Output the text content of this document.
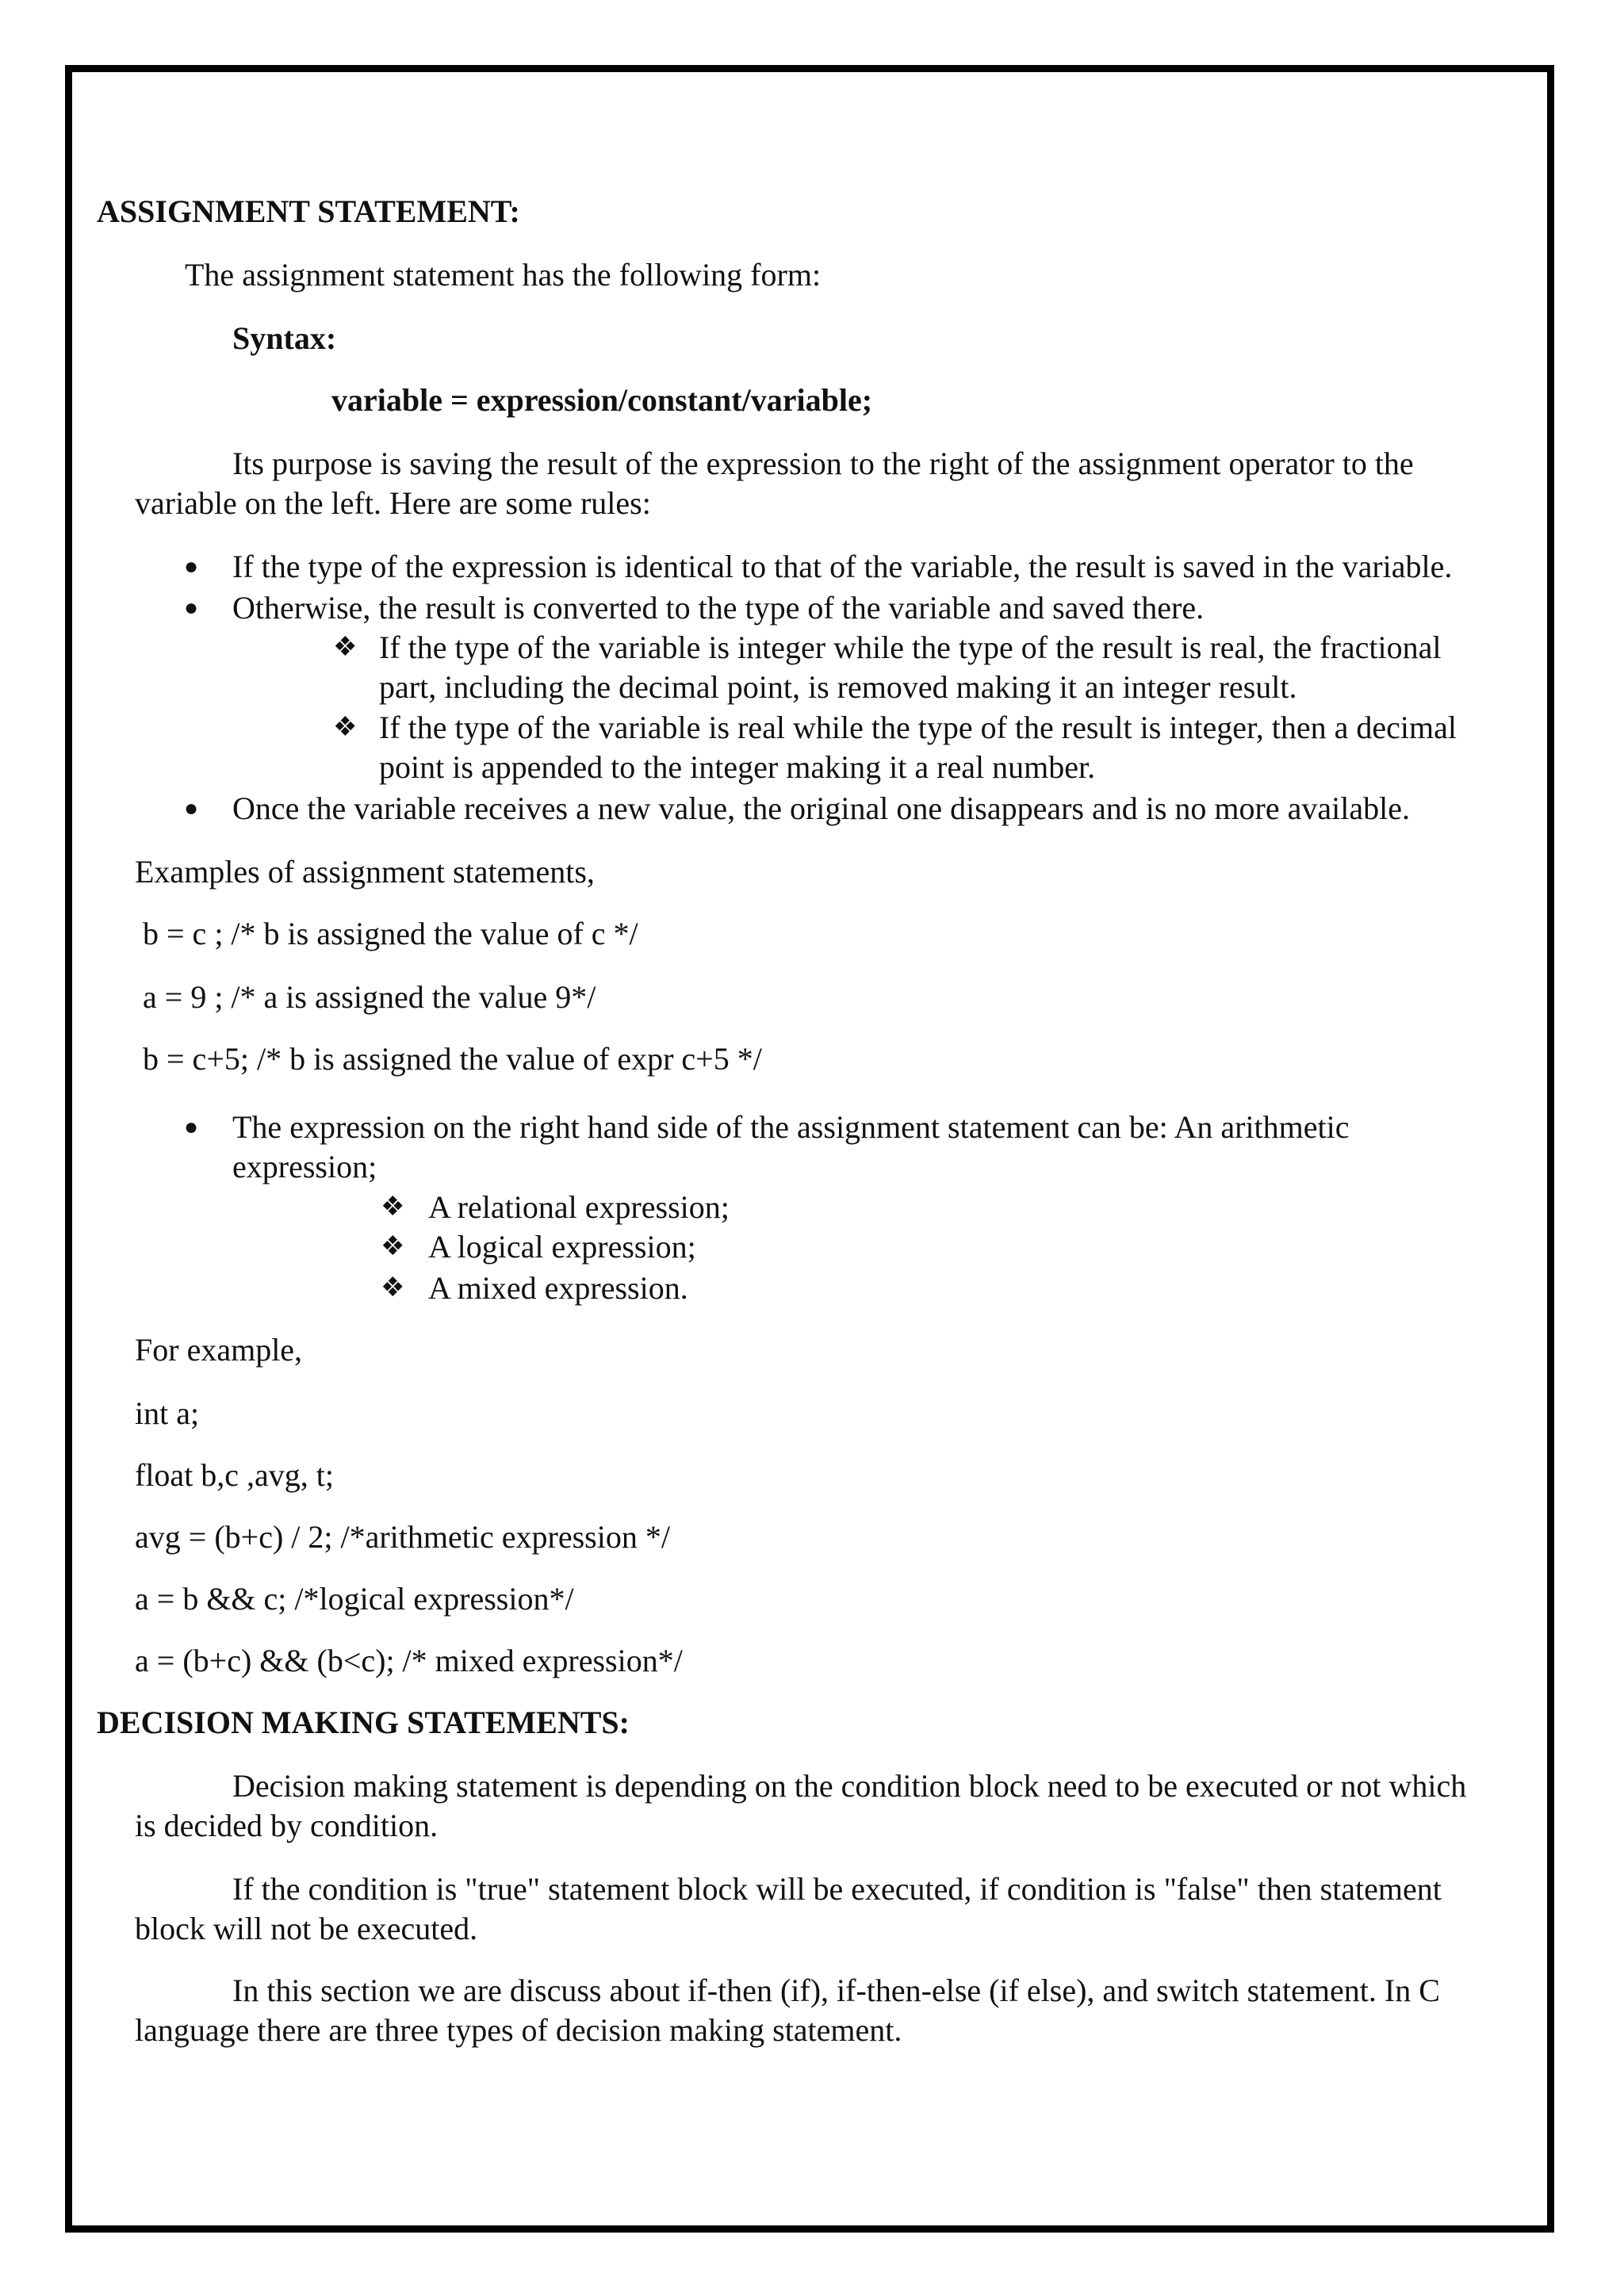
ASSIGNMENT STATEMENT:
The assignment statement has the following form:
Syntax:
variable = expression/constant/variable;
Its purpose is saving the result of the expression to the right of the assignment operator to the
variable on the left. Here are some rules:
● If the type of the expression is identical to that of the variable, the result is saved in the variable.
● Otherwise, the result is converted to the type of the variable and saved there.
❖ If the type of the variable is integer while the type of the result is real, the fractional
part, including the decimal point, is removed making it an integer result.
❖ If the type of the variable is real while the type of the result is integer, then a decimal
point is appended to the integer making it a real number.
● Once the variable receives a new value, the original one disappears and is no more available.
Examples of assignment statements,
b = c ; /* b is assigned the value of c */
a = 9 ; /* a is assigned the value 9*/
b = c+5; /* b is assigned the value of expr c+5 */
● The expression on the right hand side of the assignment statement can be: An arithmetic
expression;
❖ A relational expression;
❖ A logical expression;
❖ A mixed expression.
For example,
int a;
float b,c ,avg, t;
avg = (b+c) / 2; /*arithmetic expression */
a = b && c; /*logical expression*/
a = (b+c) && (b<c); /* mixed expression*/
DECISION MAKING STATEMENTS:
Decision making statement is depending on the condition block need to be executed or not which
is decided by condition.
If the condition is "true" statement block will be executed, if condition is "false" then statement
block will not be executed.
In this section we are discuss about if-then (if), if-then-else (if else), and switch statement. In C
language there are three types of decision making statement.
